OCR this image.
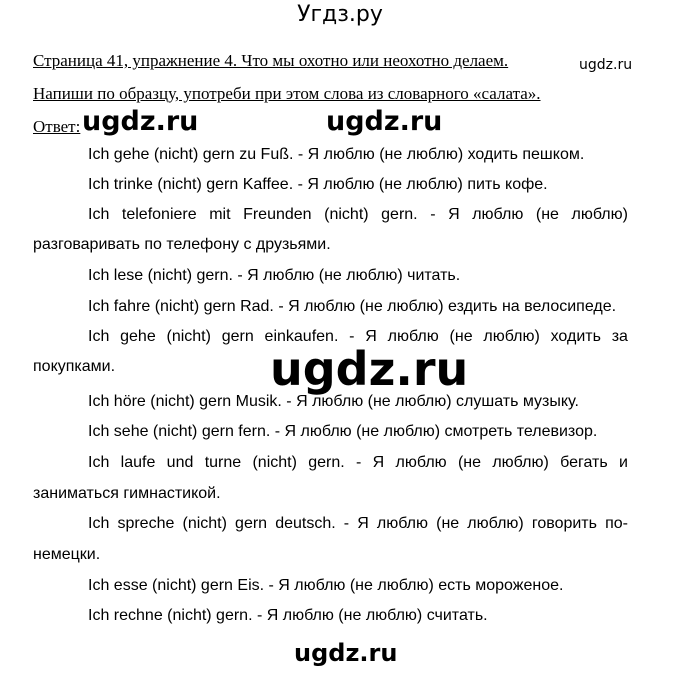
Угдз.ру
Страница 41, упражнение 4. Что мы охотно или неохотно делаем.
Напиши по образцу, употреби при этом слова из словарного «салата».
ugdz.ru
Ответ: ugdz.ru	ugdz.ru
Ich gehe (nicht) gern zu Fuß. - Я люблю (не люблю) ходить пешком.
Ich trinke (nicht) gern Kaffee. - Я люблю (не люблю) пить кофе.
Ich telefoniere mit Freunden (nicht) gern. - Я люблю (не люблю)
разговаривать по телефону с друзьями.
Ich lese (nicht) gern. - Я люблю (не люблю) читать.
Ich fahre (nicht) gern Rad. - Я люблю (не люблю) ездить на велосипеде.
Ich gehe (nicht) gern einkaufen. - Я люблю (не люблю) ходить за
покупками.	ugdz.ru
Ich höre (nicht) gern Musik. - Я люблю (не люблю) слушать музыку.
Ich sehe (nicht) gern fern. - Я люблю (не люблю) смотреть телевизор.
Ich laufe und turne (nicht) gern. - Я люблю (не люблю) бегать и
заниматься гимнастикой.
Ich spreche (nicht) gern deutsch. - Я люблю (не люблю) говорить по-
немецки.
Ich esse (nicht) gern Eis. - Я люблю (не люблю) есть мороженое.
Ich rechne (nicht) gern. - Я люблю (не люблю) считать.
ugdz.ru
